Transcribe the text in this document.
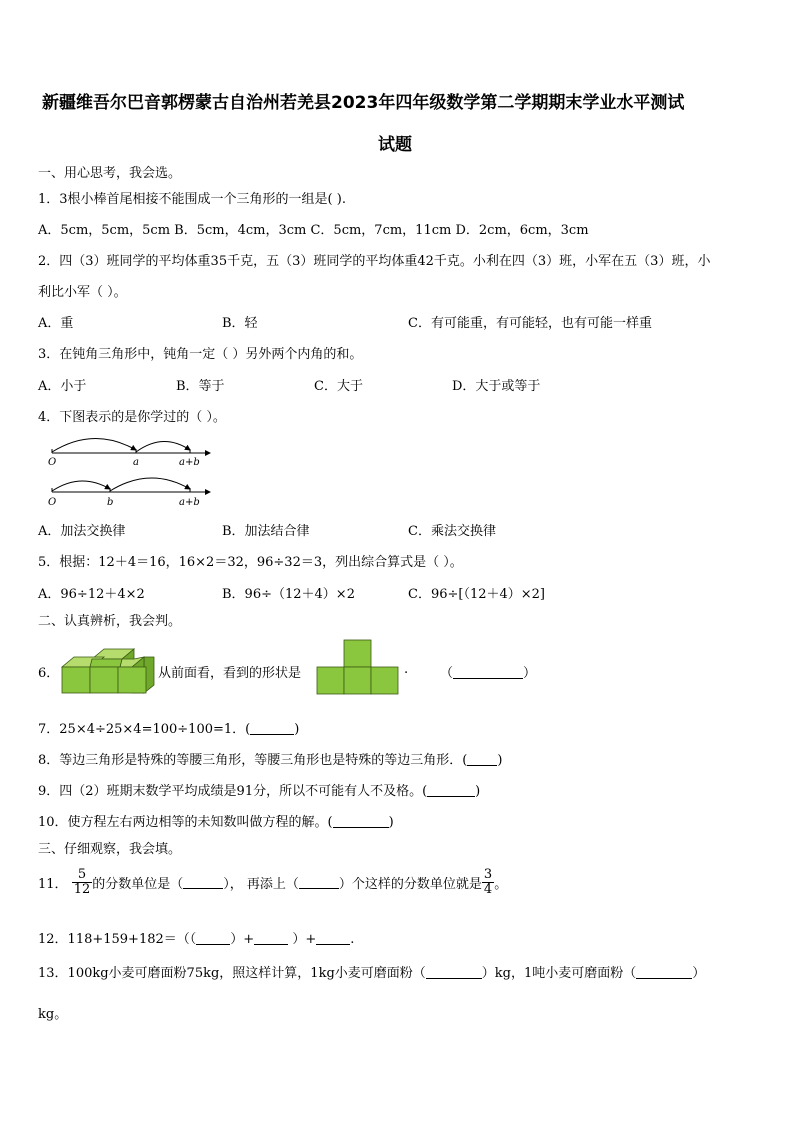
新疆维吾尔巴音郭楞蒙古自治州若羌县2023年四年级数学第二学期期末学业水平测试
试题
一、用心思考，我会选。
1．3根小棒首尾相接不能围成一个三角形的一组是( ).
A．5cm，5cm，5cm B．5cm，4cm，3cm C．5cm，7cm，11cm D．2cm，6cm，3cm
2．四（3）班同学的平均体重35千克，五（3）班同学的平均体重42千克。小利在四（3）班，小军在五（3）班，小
利比小军（ ）。
A．重	B．轻	C．有可能重，有可能轻，也有可能一样重
3．在钝角三角形中，钝角一定（ ）另外两个内角的和。
A．小于	B．等于	C．大于	D．大于或等于
4．下图表示的是你学过的（ ）。
O	a	a+b
O	b	a+b
A．加法交换律	B．加法结合律	C．乘法交换律
5．根据：12＋4＝16，16×2＝32，96÷32＝3，列出综合算式是（ ）。
A．96÷12＋4×2	B．96÷（12＋4）×2	C．96÷[（12＋4）×2]
二、认真辨析，我会判。
6．	从前面看，看到的形状是	. （	）
7．25×4÷25×4=100÷100=1．(	)
8．等边三角形是特殊的等腰三角形，等腰三角形也是特殊的等边三角形．( )
9．四（2）班期末数学平均成绩是91分，所以不可能有人不及格。(	)
10．使方程左右两边相等的未知数叫做方程的解。(	)
三、仔细观察，我会填。
11． $\frac{5}{12}$ 的分数单位是（	）， 再添上（	）个这样的分数单位就是 $\frac{3}{4}$ 。
12．118+159+182＝（（	）+	）+	.
13．100kg小麦可磨面粉75kg，照这样计算，1kg小麦可磨面粉（	）kg，1吨小麦可磨面粉（	）
kg。
